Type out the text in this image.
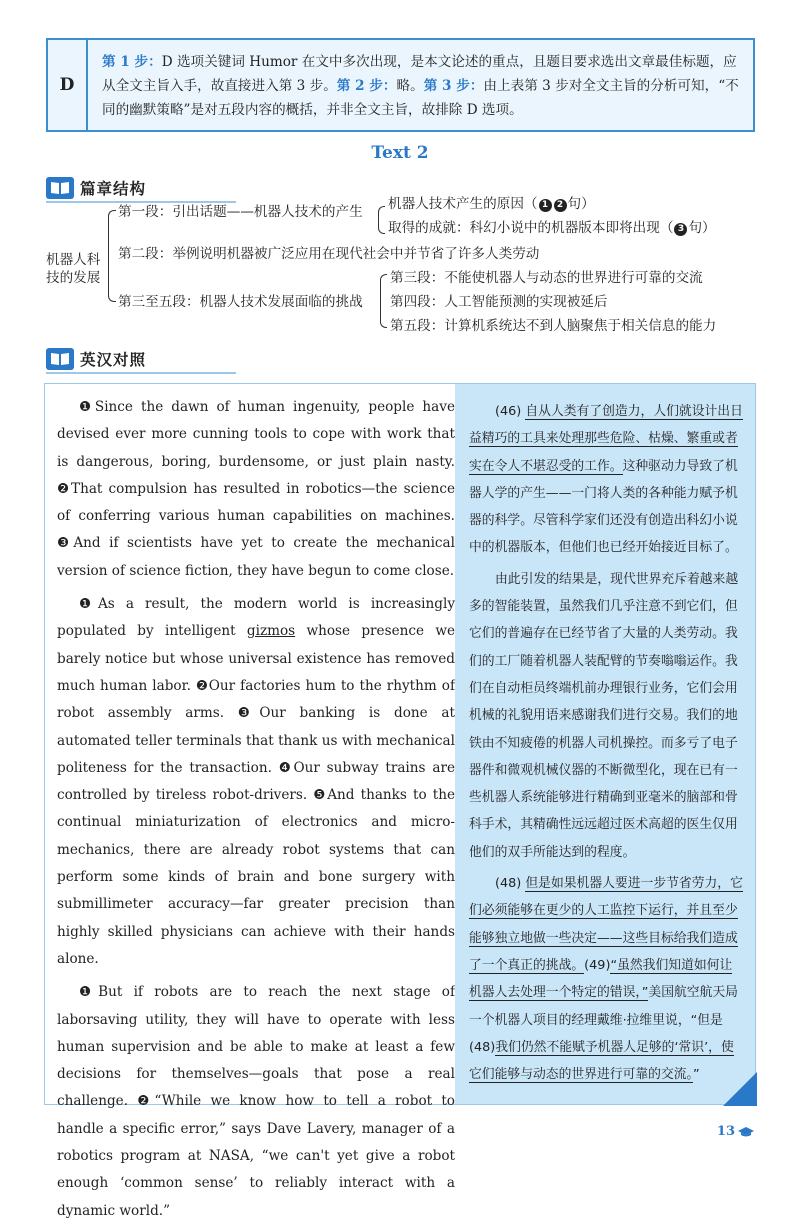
D
第 1 步：D 选项关键词 Humor 在文中多次出现，是本文论述的重点，且题目要求选出文章最佳标题，应从全文主旨入手，故直接进入第 3 步。第 2 步：略。第 3 步：由上表第 3 步对全文主旨的分析可知，“不同的幽默策略”是对五段内容的概括，并非全文主旨，故排除 D 选项。
Text 2
篇章结构
机器人科
技的发展
第一段：引出话题——机器人技术的产生 机器人技术产生的原因（ 1 2 句）
取得的成就：科幻小说中的机器版本即将出现（ 3 句）
第二段：举例说明机器被广泛应用在现代社会中并节省了许多人类劳动
第三至五段：机器人技术发展面临的挑战
第三段：不能使机器人与动态的世界进行可靠的交流
第四段：人工智能预测的实现被延后
第五段：计算机系统达不到人脑聚焦于相关信息的能力
英汉对照

❶Since the dawn of human ingenuity, people have devised ever more cunning tools to cope with work that is dangerous, boring, burdensome, or just plain nasty. ❷That compulsion has resulted in robotics—the science of conferring various human capabilities on machines. ❸And if scientists have yet to create the mechanical version of science fiction, they have begun to come close.

❶As a result, the modern world is increasingly populated by intelligent gizmos whose presence we barely notice but whose universal existence has removed much human labor. ❷Our factories hum to the rhythm of robot assembly arms. ❸Our banking is done at automated teller terminals that thank us with mechanical politeness for the transaction. ❹Our subway trains are controlled by tireless robot-drivers. ❺And thanks to the continual miniaturization of electronics and micro-mechanics, there are already robot systems that can perform some kinds of brain and bone surgery with submillimeter accuracy—far greater precision than highly skilled physicians can achieve with their hands alone.

❶But if robots are to reach the next stage of laborsaving utility, they will have to operate with less human supervision and be able to make at least a few decisions for themselves—goals that pose a real challenge. ❷“While we know how to tell a robot to handle a specific error,” says Dave Lavery, manager of a robotics program at NASA, “we can't yet give a robot enough ‘common sense’ to reliably interact with a dynamic world.”

(46) 自从人类有了创造力，人们就设计出日益精巧的工具来处理那些危险、枯燥、繁重或者实在令人不堪忍受的工作。这种驱动力导致了机器人学的产生——一门将人类的各种能力赋予机器的科学。尽管科学家们还没有创造出科幻小说中的机器版本，但他们也已经开始接近目标了。

由此引发的结果是，现代世界充斥着越来越多的智能装置，虽然我们几乎注意不到它们，但它们的普遍存在已经节省了大量的人类劳动。我们的工厂随着机器人装配臂的节奏嗡嗡运作。我们在自动柜员终端机前办理银行业务，它们会用机械的礼貌用语来感谢我们进行交易。我们的地铁由不知疲倦的机器人司机操控。而多亏了电子器件和微观机械仪器的不断微型化，现在已有一些机器人系统能够进行精确到亚毫米的脑部和骨科手术，其精确性远远超过医术高超的医生仅用他们的双手所能达到的程度。

(48) 但是如果机器人要进一步节省劳力，它们必须能够在更少的人工监控下运行，并且至少能够独立地做一些决定——这些目标给我们造成了一个真正的挑战。(49)“虽然我们知道如何让机器人去处理一个特定的错误，”美国航空航天局一个机器人项目的经理戴维·拉维里说，“但是(48)我们仍然不能赋予机器人足够的‘常识’，使它们能够与动态的世界进行可靠的交流。”

13
